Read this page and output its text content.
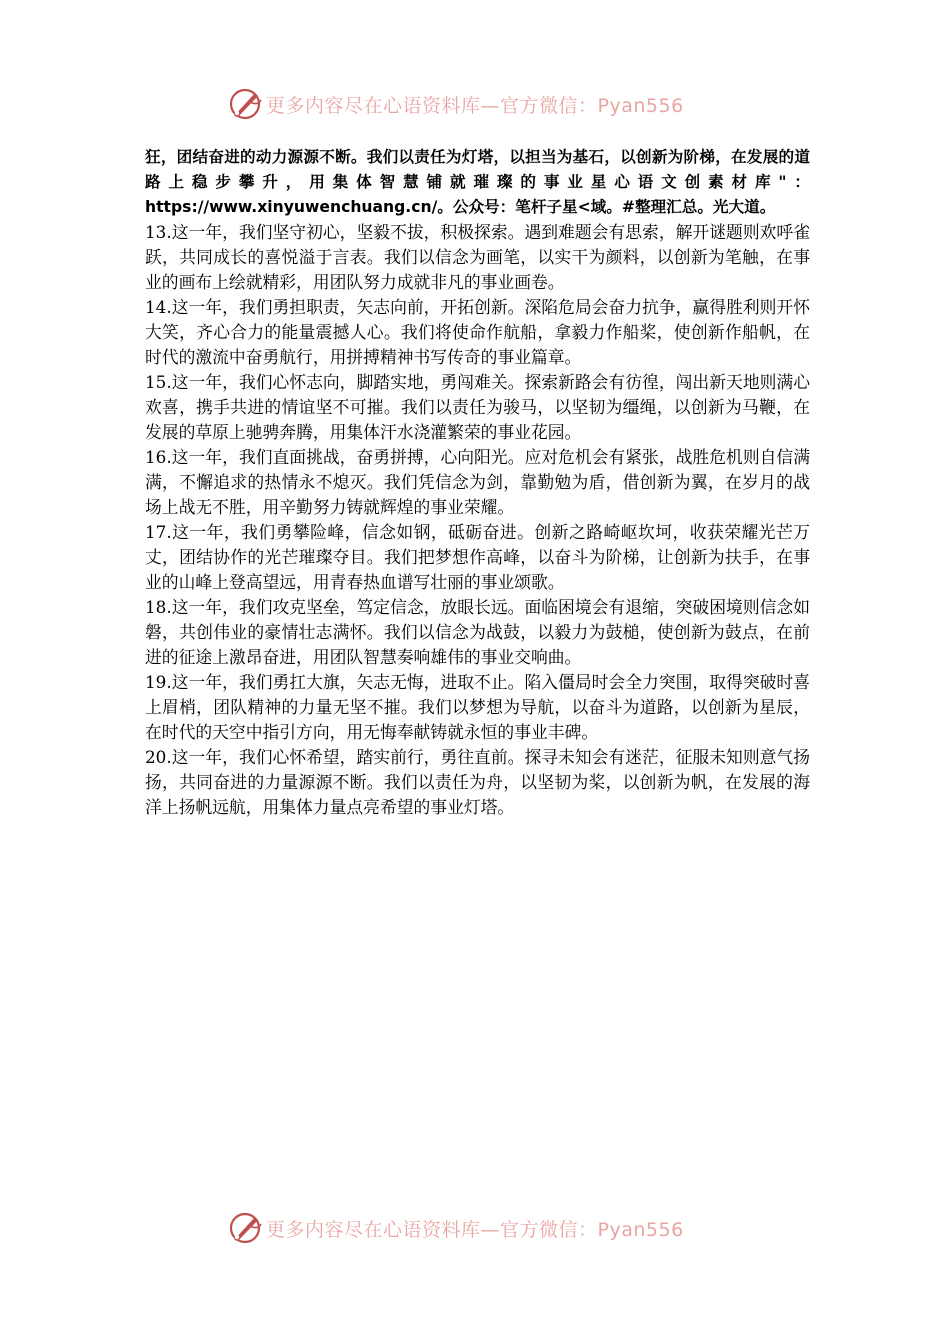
更多内容尽在心语资料库—官方微信：Pyan556

狂，团结奋进的动力源源不断。我们以责任为灯塔，以担当为基石，以创新为阶梯，在发展的道路上稳步攀升，用集体智慧铺就璀璨的事业星心语文创素材库"：https://www.xinyuwenchuang.cn/。公众号：笔杆子星<域。#整理汇总。光大道。

13.这一年，我们坚守初心，坚毅不拔，积极探索。遇到难题会有思索，解开谜题则欢呼雀跃，共同成长的喜悦溢于言表。我们以信念为画笔，以实干为颜料，以创新为笔触，在事业的画布上绘就精彩，用团队努力成就非凡的事业画卷。

14.这一年，我们勇担职责，矢志向前，开拓创新。深陷危局会奋力抗争，赢得胜利则开怀大笑，齐心合力的能量震撼人心。我们将使命作航船，拿毅力作船桨，使创新作船帆，在时代的激流中奋勇航行，用拼搏精神书写传奇的事业篇章。

15.这一年，我们心怀志向，脚踏实地，勇闯难关。探索新路会有彷徨，闯出新天地则满心欢喜，携手共进的情谊坚不可摧。我们以责任为骏马，以坚韧为缰绳，以创新为马鞭，在发展的草原上驰骋奔腾，用集体汗水浇灌繁荣的事业花园。

16.这一年，我们直面挑战，奋勇拼搏，心向阳光。应对危机会有紧张，战胜危机则自信满满，不懈追求的热情永不熄灭。我们凭信念为剑，靠勤勉为盾，借创新为翼，在岁月的战场上战无不胜，用辛勤努力铸就辉煌的事业荣耀。

17.这一年，我们勇攀险峰，信念如钢，砥砺奋进。创新之路崎岖坎坷，收获荣耀光芒万丈，团结协作的光芒璀璨夺目。我们把梦想作高峰，以奋斗为阶梯，让创新为扶手，在事业的山峰上登高望远，用青春热血谱写壮丽的事业颂歌。

18.这一年，我们攻克坚垒，笃定信念，放眼长远。面临困境会有退缩，突破困境则信念如磐，共创伟业的豪情壮志满怀。我们以信念为战鼓，以毅力为鼓槌，使创新为鼓点，在前进的征途上激昂奋进，用团队智慧奏响雄伟的事业交响曲。

19.这一年，我们勇扛大旗，矢志无悔，进取不止。陷入僵局时会全力突围，取得突破时喜上眉梢，团队精神的力量无坚不摧。我们以梦想为导航，以奋斗为道路，以创新为星辰，在时代的天空中指引方向，用无悔奉献铸就永恒的事业丰碑。

20.这一年，我们心怀希望，踏实前行，勇往直前。探寻未知会有迷茫，征服未知则意气扬扬，共同奋进的力量源源不断。我们以责任为舟，以坚韧为桨，以创新为帆，在发展的海洋上扬帆远航，用集体力量点亮希望的事业灯塔。

更多内容尽在心语资料库—官方微信：Pyan556
